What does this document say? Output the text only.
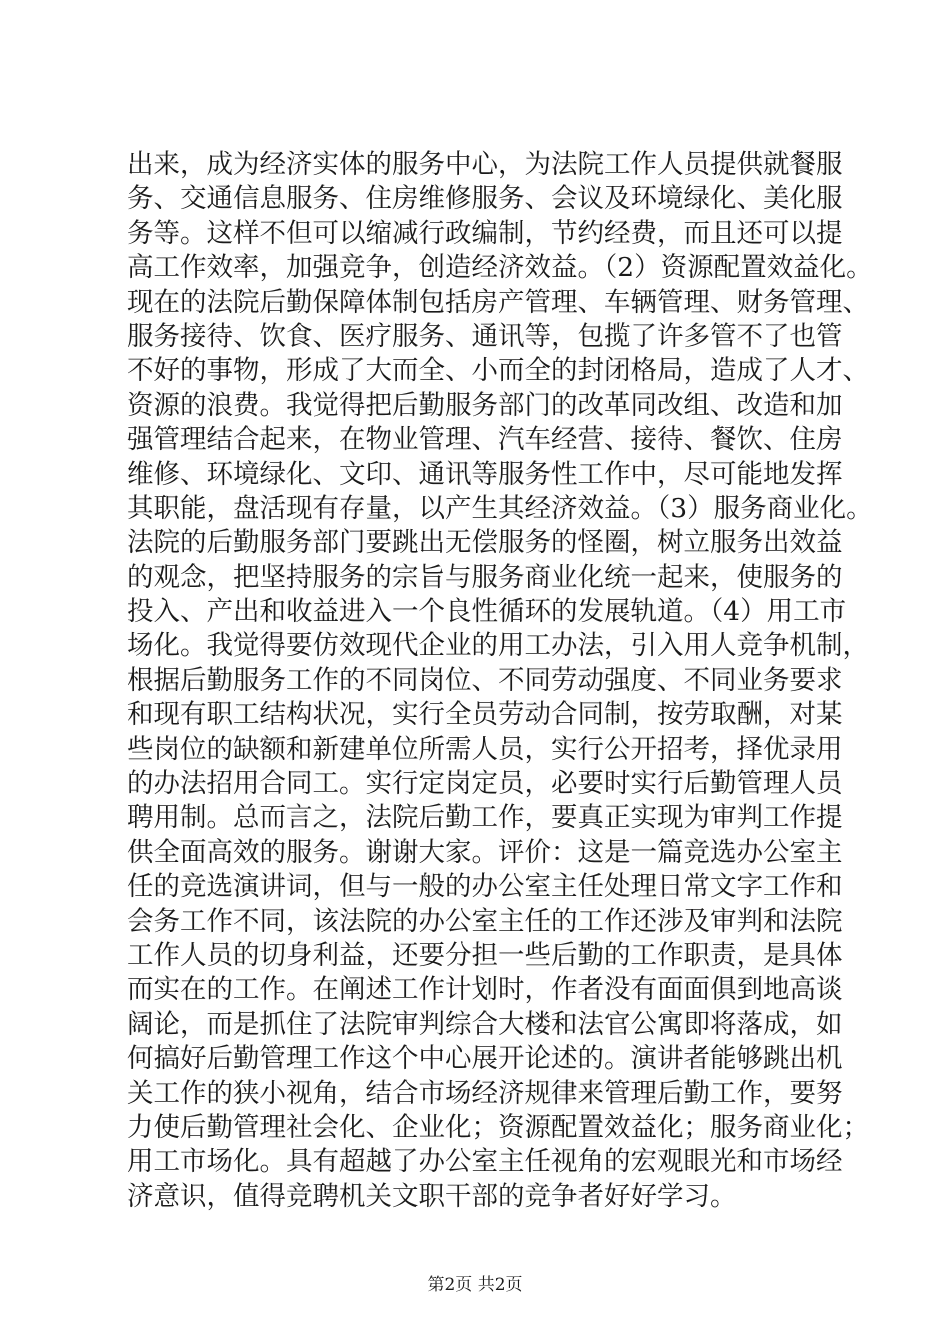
出来，成为经济实体的服务中心，为法院工作人员提供就餐服
务、交通信息服务、住房维修服务、会议及环境绿化、美化服
务等。这样不但可以缩减行政编制，节约经费，而且还可以提
高工作效率，加强竞争，创造经济效益。（2）资源配置效益化。
现在的法院后勤保障体制包括房产管理、车辆管理、财务管理、
服务接待、饮食、医疗服务、通讯等，包揽了许多管不了也管
不好的事物，形成了大而全、小而全的封闭格局，造成了人才、
资源的浪费。我觉得把后勤服务部门的改革同改组、改造和加
强管理结合起来，在物业管理、汽车经营、接待、餐饮、住房
维修、环境绿化、文印、通讯等服务性工作中，尽可能地发挥
其职能，盘活现有存量，以产生其经济效益。（3）服务商业化。
法院的后勤服务部门要跳出无偿服务的怪圈，树立服务出效益
的观念，把坚持服务的宗旨与服务商业化统一起来，使服务的
投入、产出和收益进入一个良性循环的发展轨道。（4）用工市
场化。我觉得要仿效现代企业的用工办法，引入用人竞争机制，
根据后勤服务工作的不同岗位、不同劳动强度、不同业务要求
和现有职工结构状况，实行全员劳动合同制，按劳取酬，对某
些岗位的缺额和新建单位所需人员，实行公开招考，择优录用
的办法招用合同工。实行定岗定员，必要时实行后勤管理人员
聘用制。总而言之，法院后勤工作，要真正实现为审判工作提
供全面高效的服务。谢谢大家。评价：这是一篇竞选办公室主
任的竞选演讲词，但与一般的办公室主任处理日常文字工作和
会务工作不同，该法院的办公室主任的工作还涉及审判和法院
工作人员的切身利益，还要分担一些后勤的工作职责，是具体
而实在的工作。在阐述工作计划时，作者没有面面俱到地高谈
阔论，而是抓住了法院审判综合大楼和法官公寓即将落成，如
何搞好后勤管理工作这个中心展开论述的。演讲者能够跳出机
关工作的狭小视角，结合市场经济规律来管理后勤工作，要努
力使后勤管理社会化、企业化；资源配置效益化；服务商业化；
用工市场化。具有超越了办公室主任视角的宏观眼光和市场经
济意识，值得竞聘机关文职干部的竞争者好好学习。
第2页 共2页
